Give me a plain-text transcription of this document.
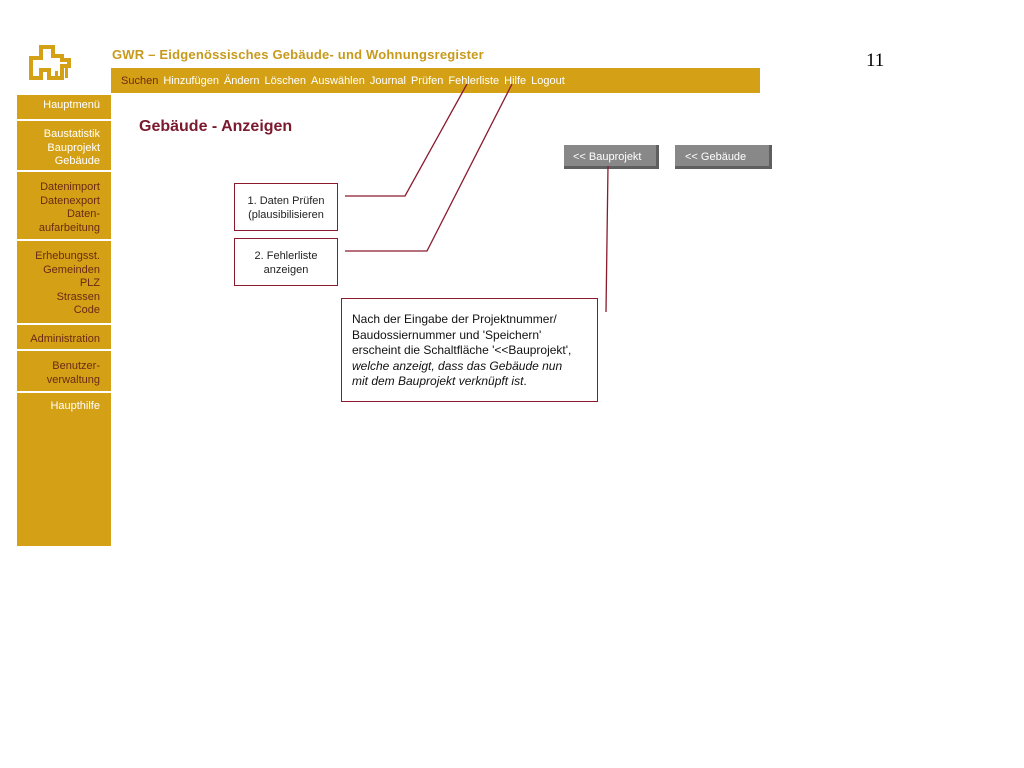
GWR – Eidgenössisches Gebäude- und Wohnungsregister	11
Suchen Hinzufügen Ändern Löschen Auswählen Journal Prüfen Fehlerliste Hilfe Logout
Hauptmenü
Baustatistik
Bauprojekt
Gebäude
Datenimport
Datenexport
Daten-
aufarbeitung
Erhebungsst.
Gemeinden
PLZ
Strassen
Code
Administration
Benutzer-
verwaltung
Haupthilfe
Gebäude - Anzeigen
<< Bauprojekt	<< Gebäude
1. Daten Prüfen
(plausibilisieren
2. Fehlerliste
anzeigen
Nach der Eingabe der Projektnummer/
Baudossiernummer und 'Speichern'
erscheint die Schaltfläche '<<Bauprojekt',
welche anzeigt, dass das Gebäude nun
mit dem Bauprojekt verknüpft ist.
